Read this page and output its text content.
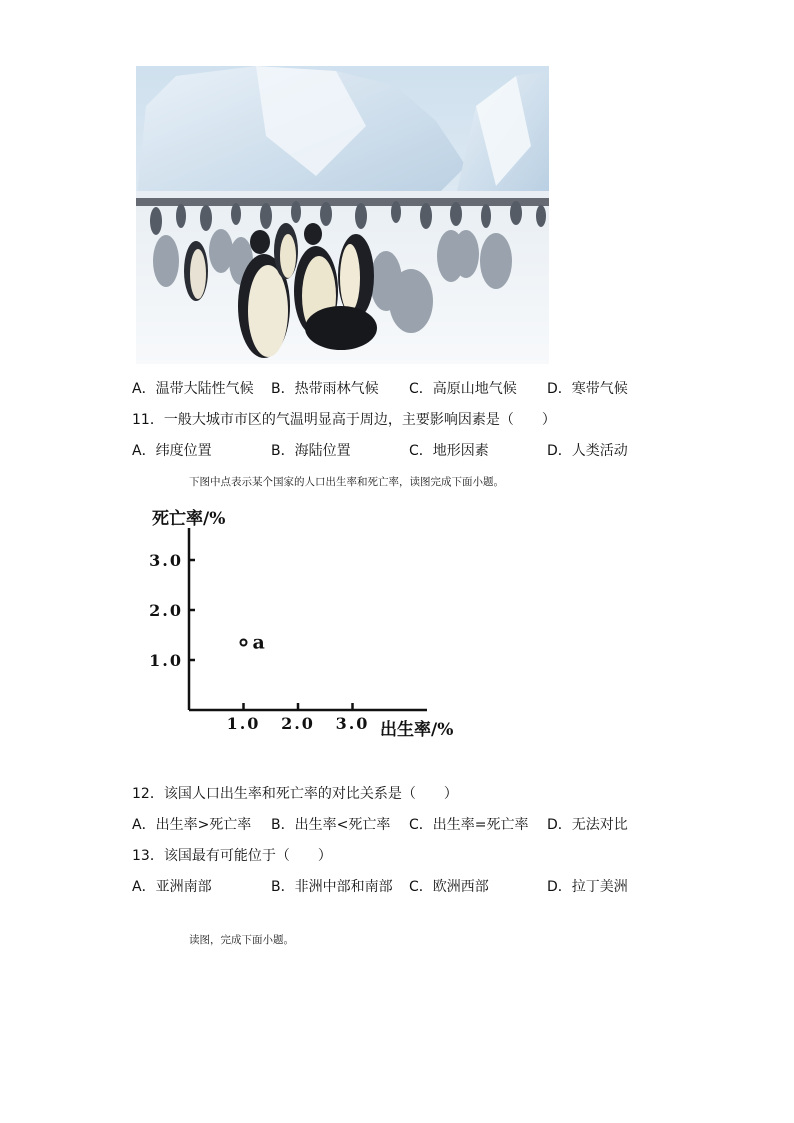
A．温带大陆性气候 B．热带雨林气候 C．高原山地气候 D．寒带气候
11．一般大城市市区的气温明显高于周边，主要影响因素是（　　）
A．纬度位置	B．海陆位置	C．地形因素	D．人类活动
下图中点表示某个国家的人口出生率和死亡率，读图完成下面小题。
死亡率/%
出生率/%
1.0 2.0 3.0
1.0
2.0
3.0
a
12．该国人口出生率和死亡率的对比关系是（　　）
A．出生率>死亡率 B．出生率<死亡率 C．出生率=死亡率 D．无法对比
13．该国最有可能位于（　　）
A．亚洲南部	B．非洲中部和南部 C．欧洲西部	D．拉丁美洲
读图，完成下面小题。
